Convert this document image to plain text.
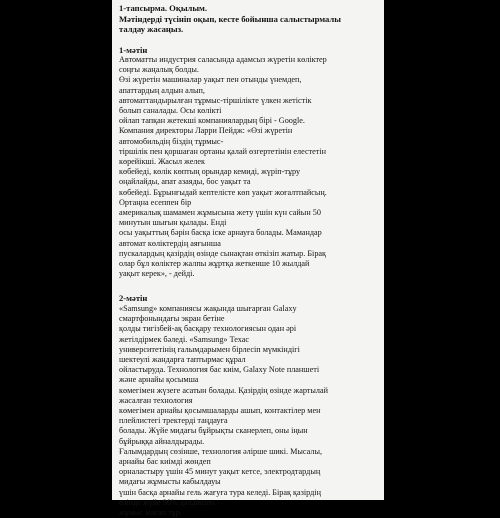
1-тапсырма. Оқылым.

Мәтіндерді түсініп оқып, кесте бойынша салыстырмалы
талдау жасаңыз.

1-мәтін

Автоматты индустрия саласында адамсыз жүретін көліктер
соңғы жаңалық болды.
Өзі жүретін машиналар уақыт пен отынды үнемдеп,
апаттардың алдын алып,
автоматтандырылған тұрмыс-тіршілікте үлкен жетістік
болып саналады. Осы көлікті
ойлап тапқан жетекші компаниялардың бірі - Google.
Компания директоры Ларри Пейдж: «Өзі жүретін
автомобильдің біздің тұрмыс-
тіршілік пен қоршаған ортаны қалай өзгертетінін елестетін
көрейікші. Жасыл желек
көбейеді, көлік көптың орындар кемиді, жүріп-тұру
оңайлайды, апат азаяды, бос уақыт та
көбейеді. Бұрынғыдай кептелісте көп уақыт жоғалтпайсың.
Ортаңна есеппен бір
америкалық шамамен жұмысына жету үшін күн сайын 50
минутын шығын қылады. Енді
осы уақыттың бәрін басқа іске арнауға болады. Мамандар
автомат көліктердің аяғынша
пускалардың қазірдің өзінде сынақтан өткізіп жатыр. Бірақ
олар бұл көліктер жалпы жұртқа жеткенше 10 жылдай
уақыт керек», - дейді.

2-мәтін

«Samsung» компаниясы жақында шығарған Galaxy
смартфонындағы экран бетіне
қолды тигізбей-ақ басқару технологиясын одан әрі
жетілдірмек бәледі. «Samsung» Техас
университетінің ғалымдарымен бірлесіп мүмкіндігі
шектеулі жандарға таптырмас құрал
ойластыруда. Технология бас киім, Galaxy Note планшеті
және арнайы қосымша
көмегімен жүзеге асатын болады. Қазірдің өзінде жартылай
жасалған технология
көмегімен арнайы қосымшаларды ашып, контактілер мен
плейлистегі тректерді таңдауға
болады. Жүйе мидағы бұйрықты сканерлеп, оны іңын
бұйрыққа айналдырады.
Ғалымдардың сөзінше, технология әлірше шикі. Мысалы,
арнайы бас киімді жөндеп
орналастыру үшін 45 минут уақыт кетсе, электродтардың
мидағы жұмысты кабылдауы
үшін басқа арнайы гель жағуға тура келеді. Бірақ қазірдің
өзінде жүйе 90% дәлдікпен
жұмыс жасап тұр.
